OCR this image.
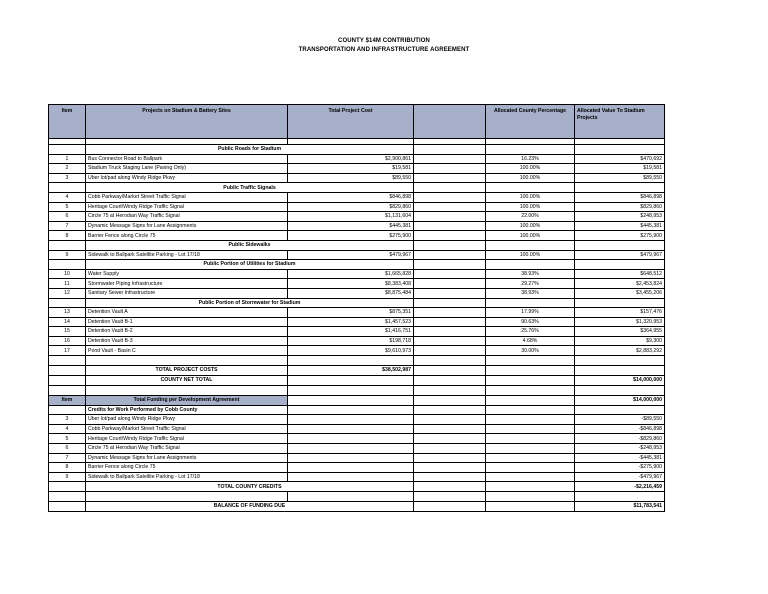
COUNTY $14M CONTRIBUTION
TRANSPORTATION AND INFRASTRUCTURE AGREEMENT
Item	Projects on Stadium & Battery Sites	Total Project Cost		Allocated County Percentage	Allocated Value To Stadium Projects

	Public Roads for Stadium				
1	Bus Connector Road to Ballpark	$2,900,861		16.23%	$470,692
2	Stadium Truck Staging Lane (Paving Only)	$19,581		100.00%	$19,581
3	Uber lot/pad along Windy Ridge Pkwy	$89,550		100.00%	$89,550
	Public Traffic Signals				
4	Cobb Parkway/Market Street Traffic Signal	$846,898		100.00%	$846,898
5	Heritage Court/Windy Ridge Traffic Signal	$829,860		100.00%	$829,860
6	Circle 75 at Herodian Way Traffic Signal	$1,131,604		22.00%	$248,953
7	Dynamic Message Signs for Lane Assignments	$445,381		100.00%	$445,381
8	Barrier Fence along Circle 75	$275,900		100.00%	$275,900
	Public Sidewalks				
9	Sidewalk to Ballpark Satellite Parking - Lot 17/18	$479,967		100.00%	$479,967
	Public Portion of Utilities for Stadium				
10	Water Supply	$1,665,828		38.93%	$648,512
11	Stormwater Piping Infrastructure	$8,383,408		29.27%	$2,453,824
12	Sanitary Sewer Infrastructure	$8,875,484		38.93%	$3,455,206
	Public Portion of Stormwater for Stadium				
13	Detention Vault A	$875,351		17.99%	$157,476
14	Detention Vault B-1	$1,457,523		90.63%	$1,320,953
15	Detention Vault B-2	$1,416,751		25.76%	$364,955
16	Detention Vault B-3	$198,718		4.68%	$9,300
17	Pond Vault - Basin C	$9,610,973		30.00%	$2,883,292

	TOTAL PROJECT COSTS	$38,502,987			
	COUNTY NET TOTAL				$14,000,000

Item	Total Funding per Development Agreement				$14,000,000
	Credits for Work Performed by Cobb County				
3	Uber lot/pad along Windy Ridge Pkwy				-$89,550
4	Cobb Parkway/Market Street Traffic Signal				-$846,898
5	Heritage Court/Windy Ridge Traffic Signal				-$829,860
6	Circle 75 at Herodian Way Traffic Signal				-$248,953
7	Dynamic Message Signs for Lane Assignments				-$445,381
8	Barrier Fence along Circle 75				-$275,900
9	Sidewalk to Ballpark Satellite Parking - Lot 17/18				-$479,967
	TOTAL COUNTY CREDITS				-$2,216,459

	BALANCE OF FUNDING DUE				$11,783,541
